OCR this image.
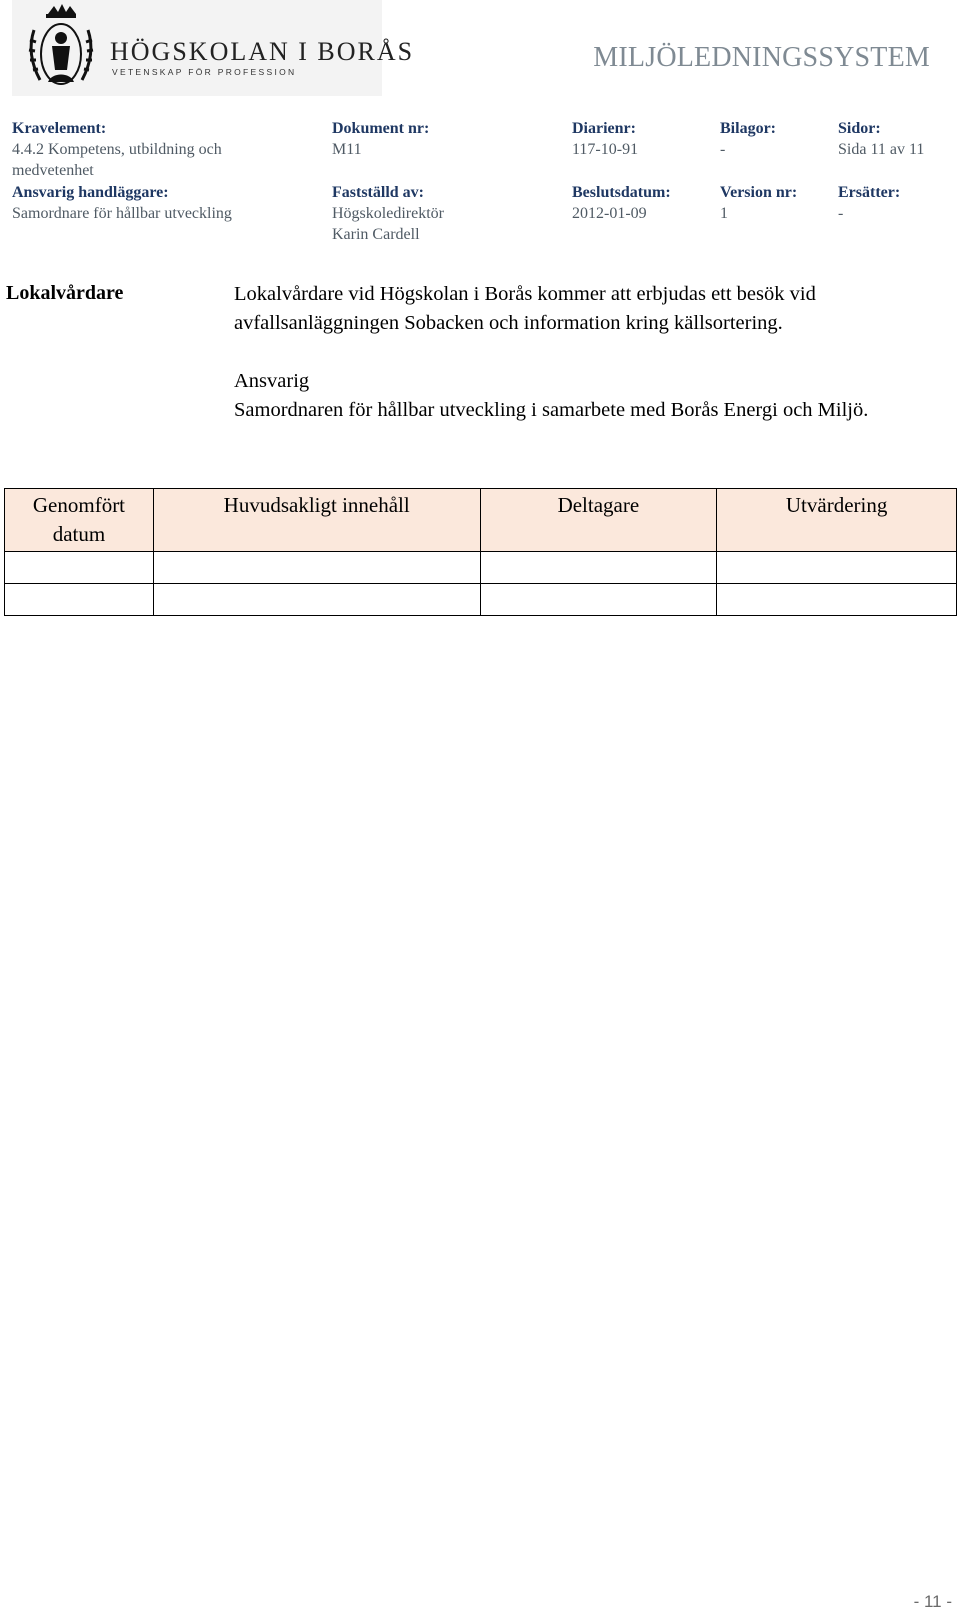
HÖGSKOLAN I BORÅS
VETENSKAP FÖR PROFESSION	MILJÖLEDNINGSSYSTEM
Kravelement:
4.4.2 Kompetens, utbildning och medvetenhet
Dokument nr:
M11
Diarienr:
117-10-91
Bilagor:
-
Sidor:
Sida 11 av 11
Ansvarig handläggare:
Samordnare för hållbar utveckling
Fastställd av:
Högskoledirektör Karin Cardell
Beslutsdatum:
2012-01-09
Version nr:
1
Ersätter:
-
Lokalvårdare	Lokalvårdare vid Högskolan i Borås kommer att erbjudas ett besök vid avfallsanläggningen Sobacken och information kring källsortering.
Ansvarig
Samordnaren för hållbar utveckling i samarbete med Borås Energi och Miljö.
Genomfört datum	Huvudsakligt innehåll	Deltagare	Utvärdering

- 11 -
